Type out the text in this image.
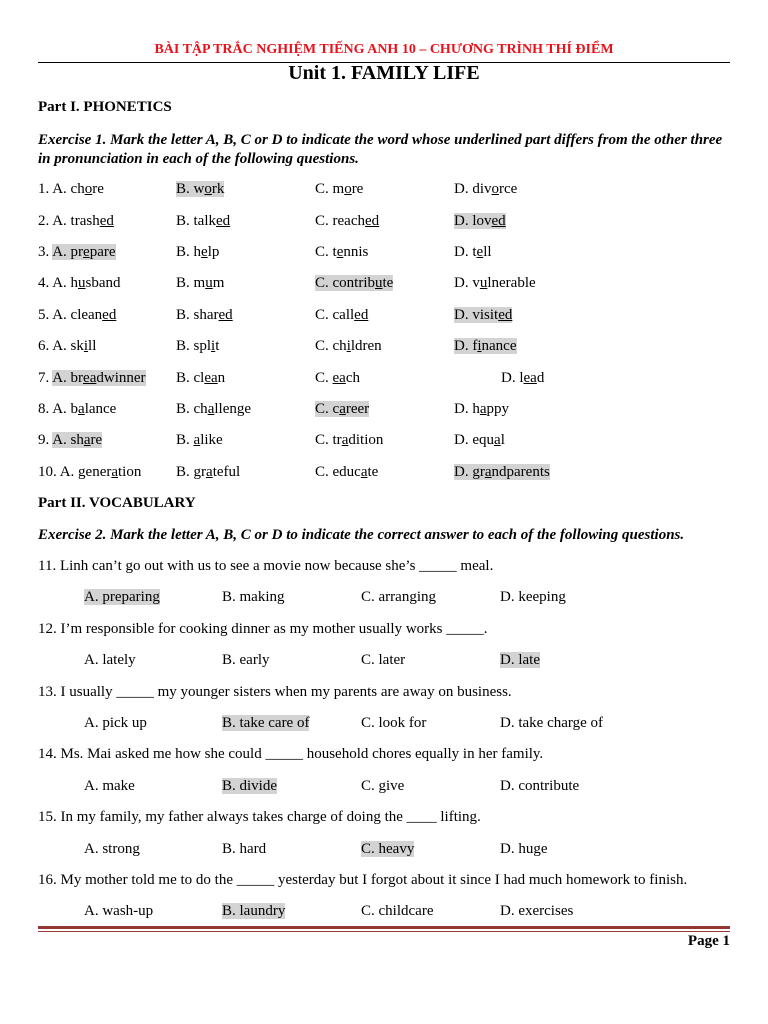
BÀI TẬP TRẮC NGHIỆM TIẾNG ANH 10 – CHƯƠNG TRÌNH THÍ ĐIỂM
Unit 1. FAMILY LIFE
Part I. PHONETICS
Exercise 1. Mark the letter A, B, C or D to indicate the word whose underlined part differs from the other three in pronunciation in each of the following questions.
1. A. chore	B. work	C. more	D. divorce
2. A. trashed	B. talked	C. reached	D. loved
3. A. prepare	B. help	C. tennis	D. tell
4. A. husband	B. mum	C. contribute	D. vulnerable
5. A. cleaned	B. shared	C. called	D. visited
6. A. skill	B. split	C. children	D. finance
7. A. breadwinner B. clean	C. each	D. lead
8. A. balance	B. challenge	C. career	D. happy
9. A. share	B. alike	C. tradition	D. equal
10. A. generation B. grateful	C. educate	D. grandparents
Part II. VOCABULARY
Exercise 2. Mark the letter A, B, C or D to indicate the correct answer to each of the following questions.
11. Linh can’t go out with us to see a movie now because she’s _____ meal.
A. preparing	B. making	C. arranging	D. keeping
12. I’m responsible for cooking dinner as my mother usually works _____.
A. lately	B. early	C. later	D. late
13. I usually _____ my younger sisters when my parents are away on business.
A. pick up	B. take care of	C. look for	D. take charge of
14. Ms. Mai asked me how she could _____ household chores equally in her family.
A. make	B. divide	C. give	D. contribute
15. In my family, my father always takes charge of doing the ____ lifting.
A. strong	B. hard	C. heavy	D. huge
16. My mother told me to do the _____ yesterday but I forgot about it since I had much homework to finish.
A. wash-up	B. laundry	C. childcare	D. exercises
Page 1
